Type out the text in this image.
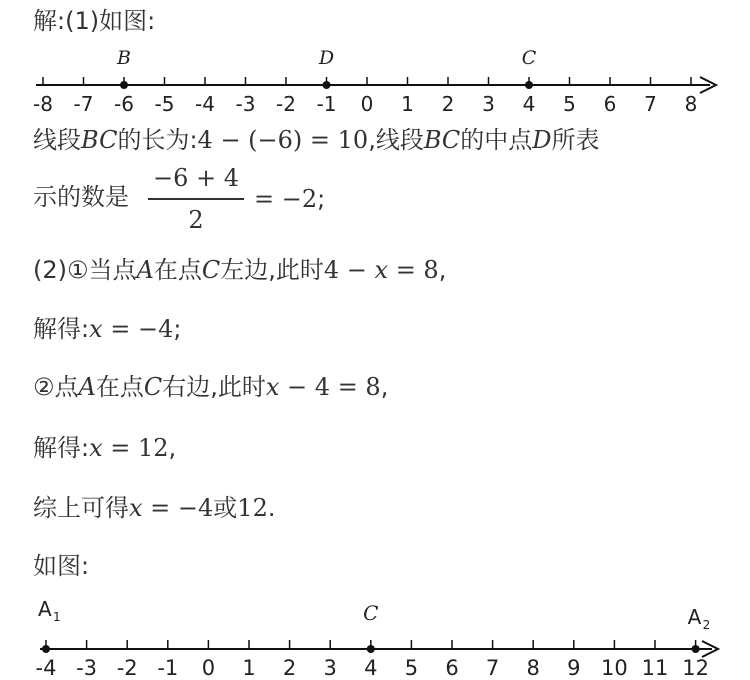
解:(1)如图:
-8 -7 -6 -5 -4 -3 -2 -1 0 1 2 3 4 5 6 7 8
B	D	C
线段BC的长为:4 − (−6) = 10,线段BC的中点D所表
示的数是 $\frac{-6 + 4}{2} = -2$;
(2)①当点A在点C左边,此时4 − x = 8,
解得:x = −4;
②点A在点C右边,此时x − 4 = 8,
解得:x = 12,
综上可得x = −4或12.
如图:
-4 -3 -2 -1 0 1 2 3 4 5 6 7 8 9 10 11 12
C
A 1	A 2
